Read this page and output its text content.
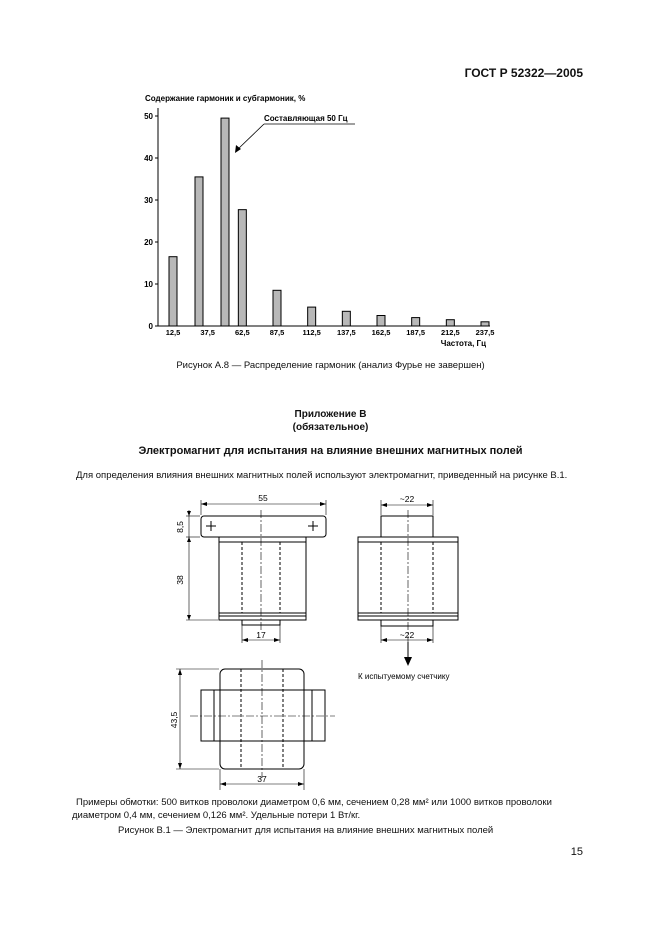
ГОСТ Р 52322—2005
Содержание гармоник и субгармоник, %
0
10
20
30
40
50
12,5	37,5	62,5	87,5 112,5 137,5 162,5 187,5 212,5 237,5
Частота, Гц
Составляющая 50 Гц
Рисунок А.8 — Распределение гармоник (анализ Фурье не завершен)
Приложение В
(обязательное)
Электромагнит для испытания на влияние внешних магнитных полей
Для определения влияния внешних магнитных полей используют электромагнит, приведенный на рисунке В.1.
55
8,5
38
17
~22
~22
К испытуемому счетчику
43,5
37
Примеры обмотки: 500 витков проволоки диаметром 0,6 мм, сечением 0,28 мм² или 1000 витков проволоки
диаметром 0,4 мм, сечением 0,126 мм². Удельные потери 1 Вт/кг.
Рисунок В.1 — Электромагнит для испытания на влияние внешних магнитных полей
15
